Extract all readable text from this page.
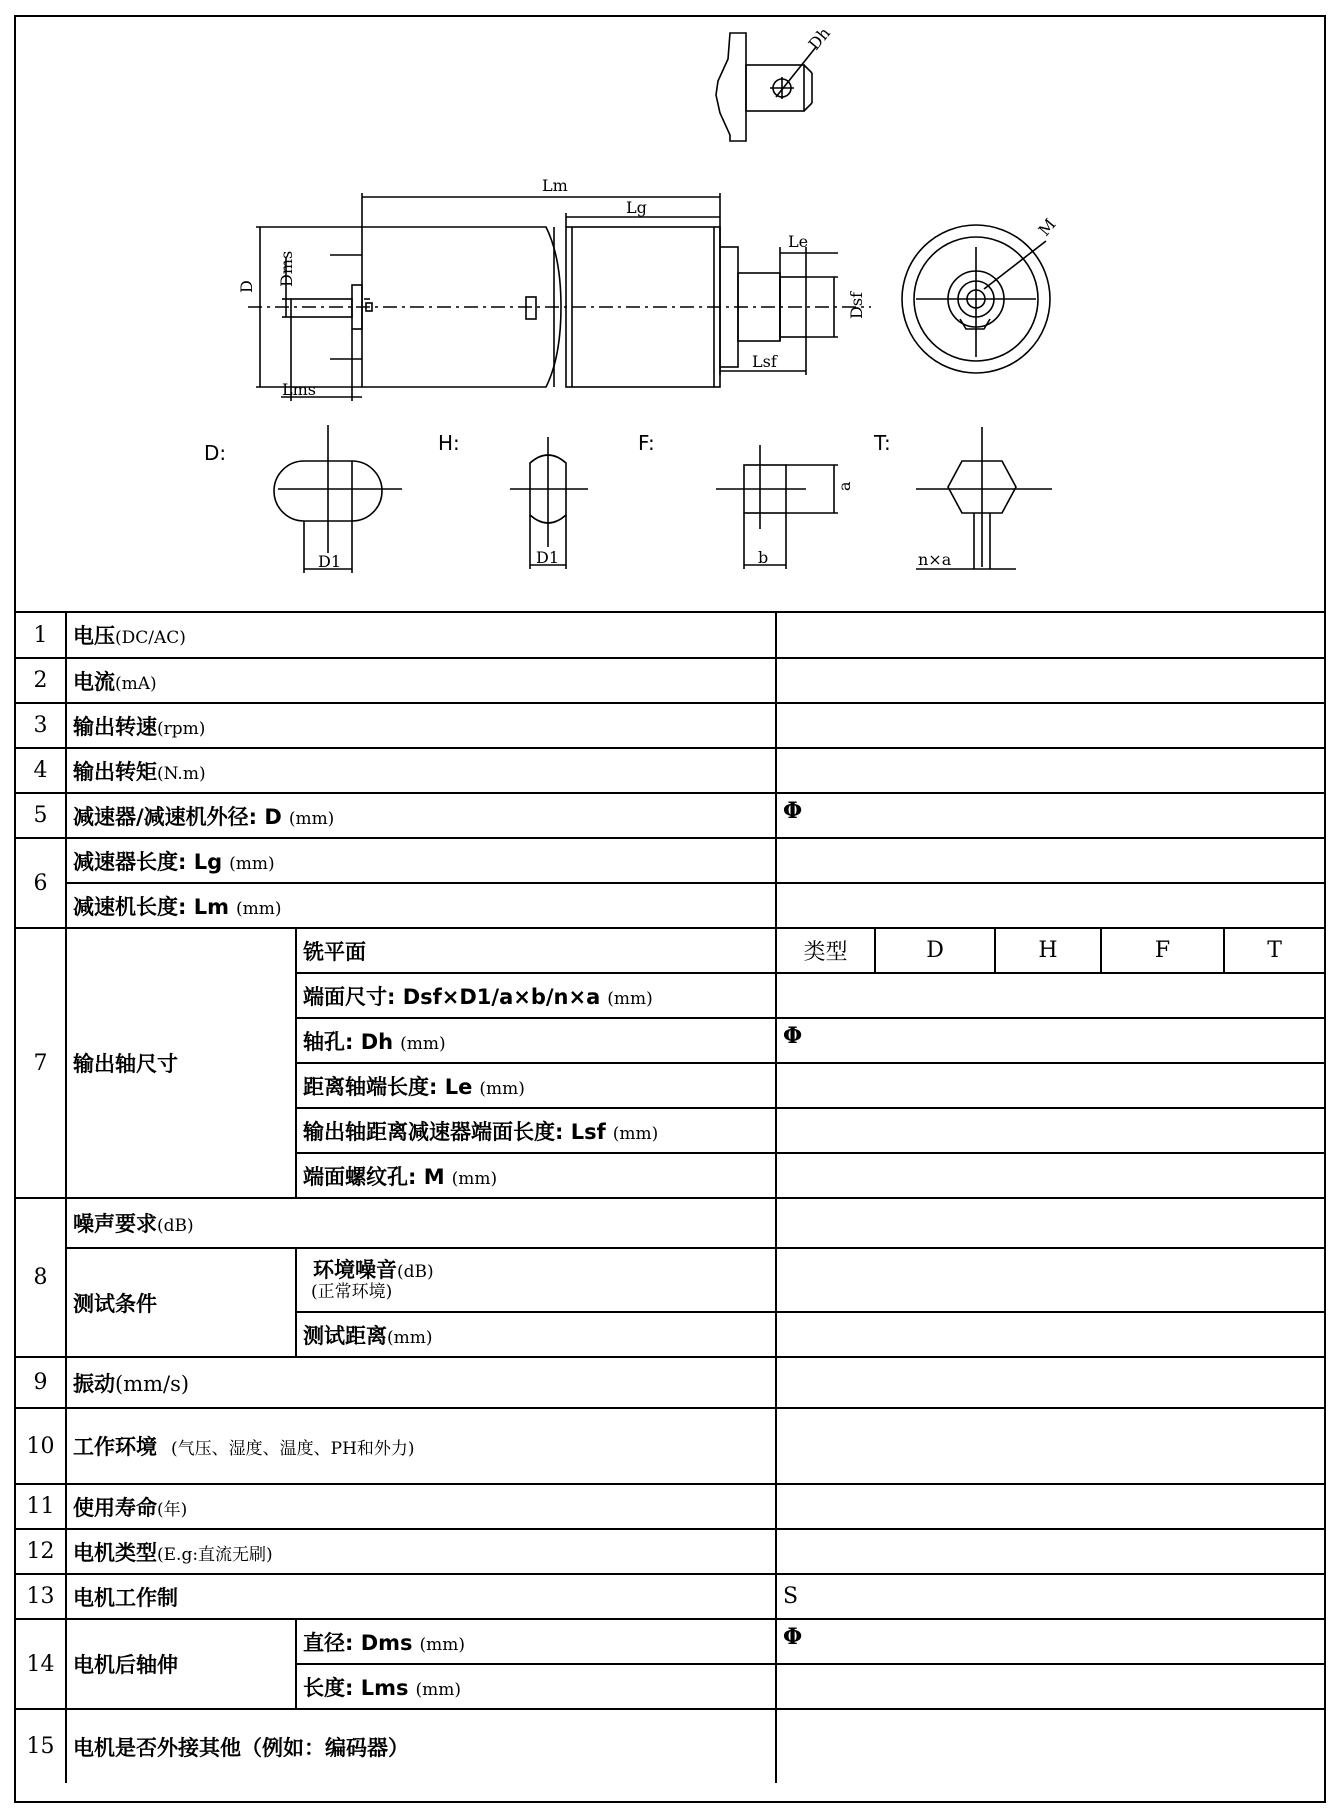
Dh
Lm
Lg
Le
M
D Dms
Dsf
Lms
Lsf
D1	D1
a
b	n×a
D:	H:	F:	T:
1	电压(DC/AC)						
2	电流(mA)						
3	输出转速(rpm)						
4	输出转矩(N.m)						
5	减速器/减速机外径: D (mm)		Φ				
6	减速器长度: Lg (mm)						
	减速机长度: Lm (mm)						
7	输出轴尺寸	铣平面	类型	D	H	F	T
		端面尺寸: Dsf×D1/a×b/n×a (mm)					
		轴孔: Dh (mm)	Φ				
		距离轴端长度: Le (mm)					
		输出轴距离减速器端面长度: Lsf (mm)					
		端面螺纹孔: M (mm)					
8	噪声要求(dB)						
	测试条件	环境噪音(dB)
(正常环境)					

		测试距离(mm)					
9	振动(mm/s)						
10	工作环境 (气压、湿度、温度、PH和外力)						
11	使用寿命(年)						
12	电机类型(E.g:直流无刷)						
13	电机工作制		S				
14	电机后轴伸	直径: Dms (mm)	Φ				
		长度: Lms (mm)					
15	电机是否外接其他（例如：编码器）						
